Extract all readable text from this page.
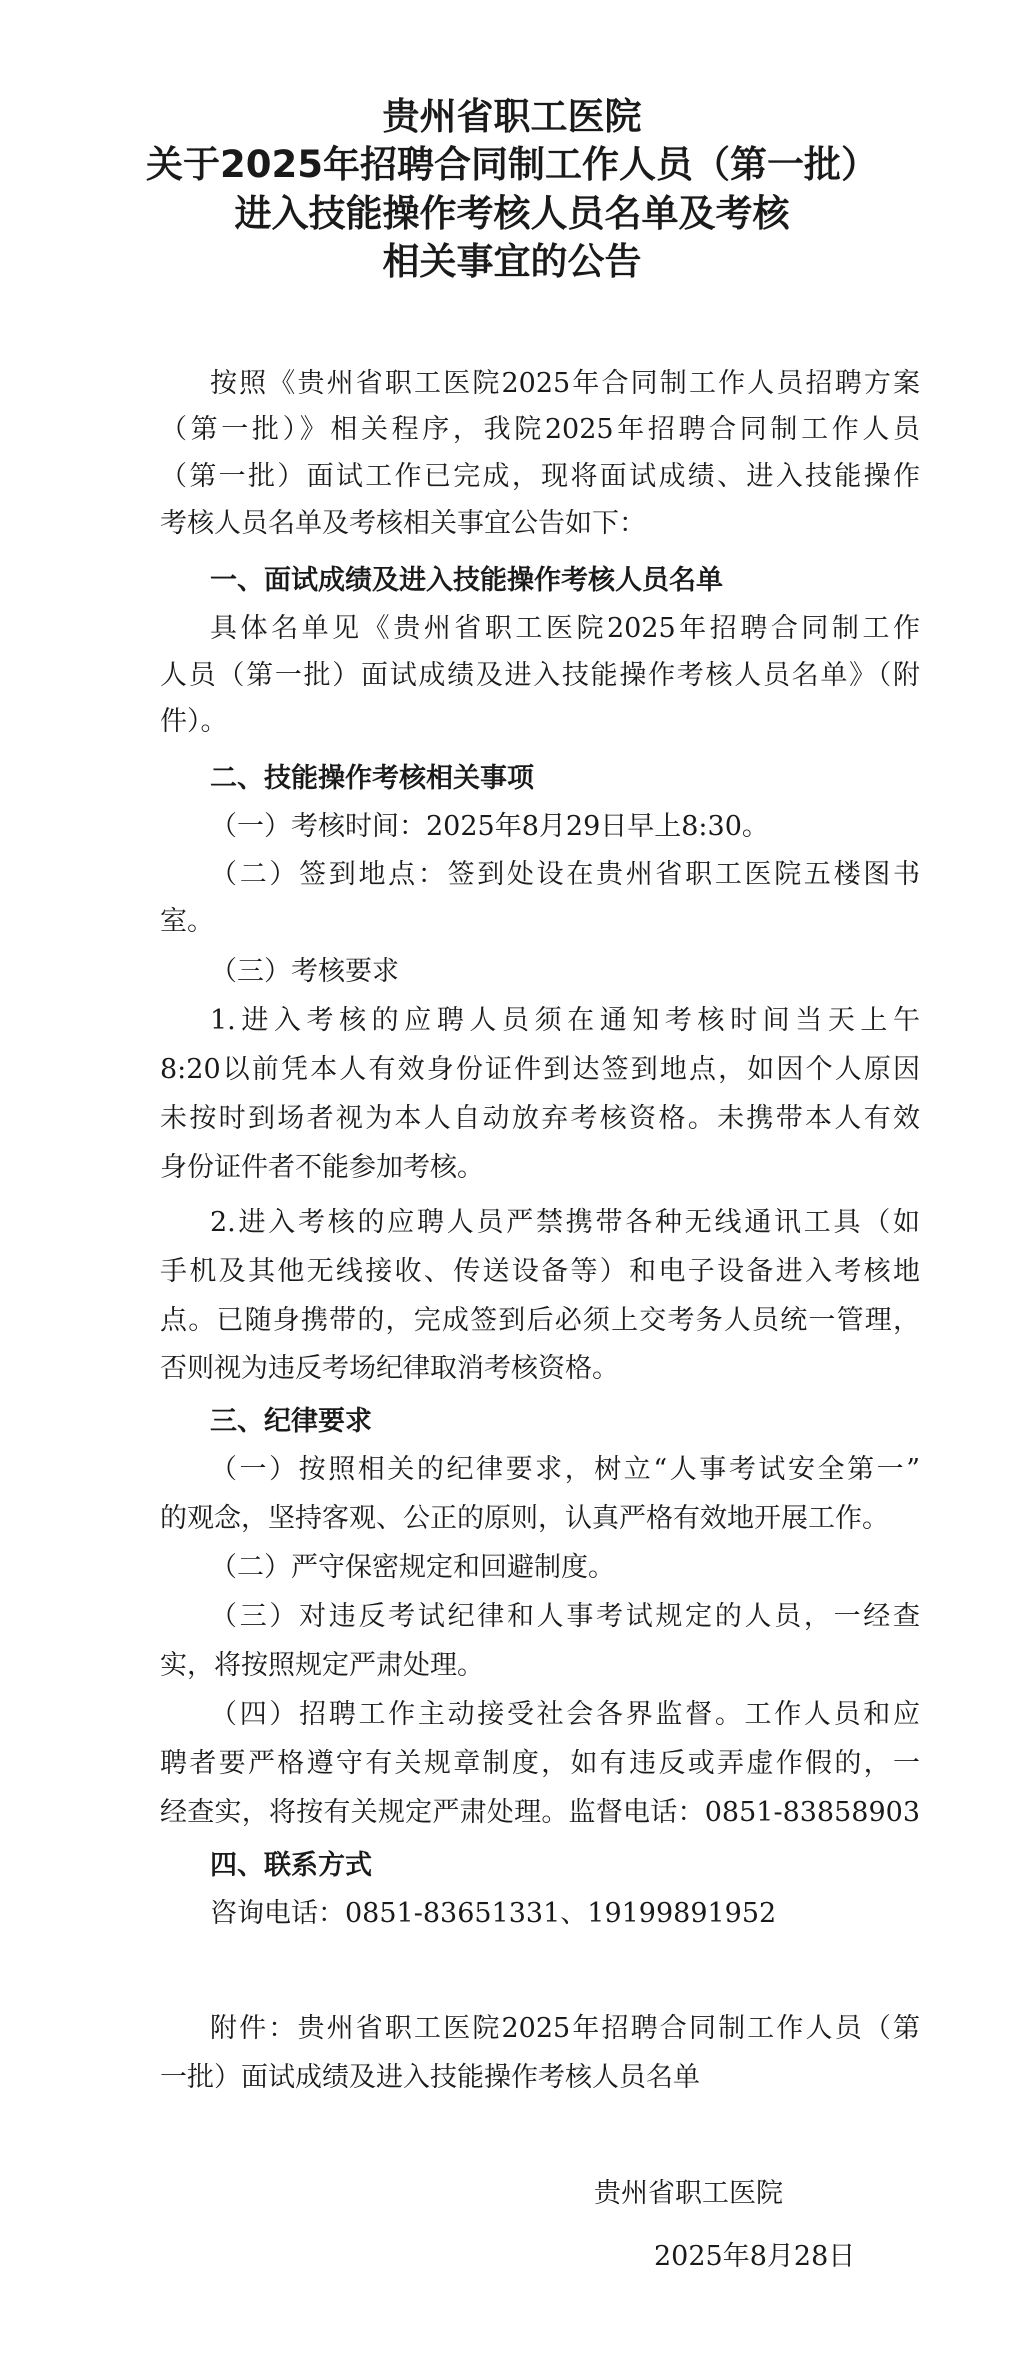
贵州省职工医院
关于2025年招聘合同制工作人员（第一批）
进入技能操作考核人员名单及考核
相关事宜的公告
按照《贵州省职工医院2025年合同制工作人员招聘方案
（第一批）》相关程序，我院2025年招聘合同制工作人员
（第一批）面试工作已完成，现将面试成绩、进入技能操作
考核人员名单及考核相关事宜公告如下：
一、面试成绩及进入技能操作考核人员名单
具体名单见《贵州省职工医院2025年招聘合同制工作
人员（第一批）面试成绩及进入技能操作考核人员名单》（附
件）。
二、技能操作考核相关事项
（一）考核时间：2025年8月29日早上8:30。
（二）签到地点：签到处设在贵州省职工医院五楼图书
室。
（三）考核要求
1.进入考核的应聘人员须在通知考核时间当天上午
8:20以前凭本人有效身份证件到达签到地点，如因个人原因
未按时到场者视为本人自动放弃考核资格。未携带本人有效
身份证件者不能参加考核。
2.进入考核的应聘人员严禁携带各种无线通讯工具（如
手机及其他无线接收、传送设备等）和电子设备进入考核地
点。已随身携带的，完成签到后必须上交考务人员统一管理，
否则视为违反考场纪律取消考核资格。
三、纪律要求
（一）按照相关的纪律要求，树立“人事考试安全第一”
的观念，坚持客观、公正的原则，认真严格有效地开展工作。
（二）严守保密规定和回避制度。
（三）对违反考试纪律和人事考试规定的人员，一经查
实，将按照规定严肃处理。
（四）招聘工作主动接受社会各界监督。工作人员和应
聘者要严格遵守有关规章制度，如有违反或弄虚作假的，一
经查实，将按有关规定严肃处理。监督电话：0851-83858903
四、联系方式
咨询电话：0851-83651331、19199891952
附件：贵州省职工医院2025年招聘合同制工作人员（第
一批）面试成绩及进入技能操作考核人员名单
贵州省职工医院
2025年8月28日
